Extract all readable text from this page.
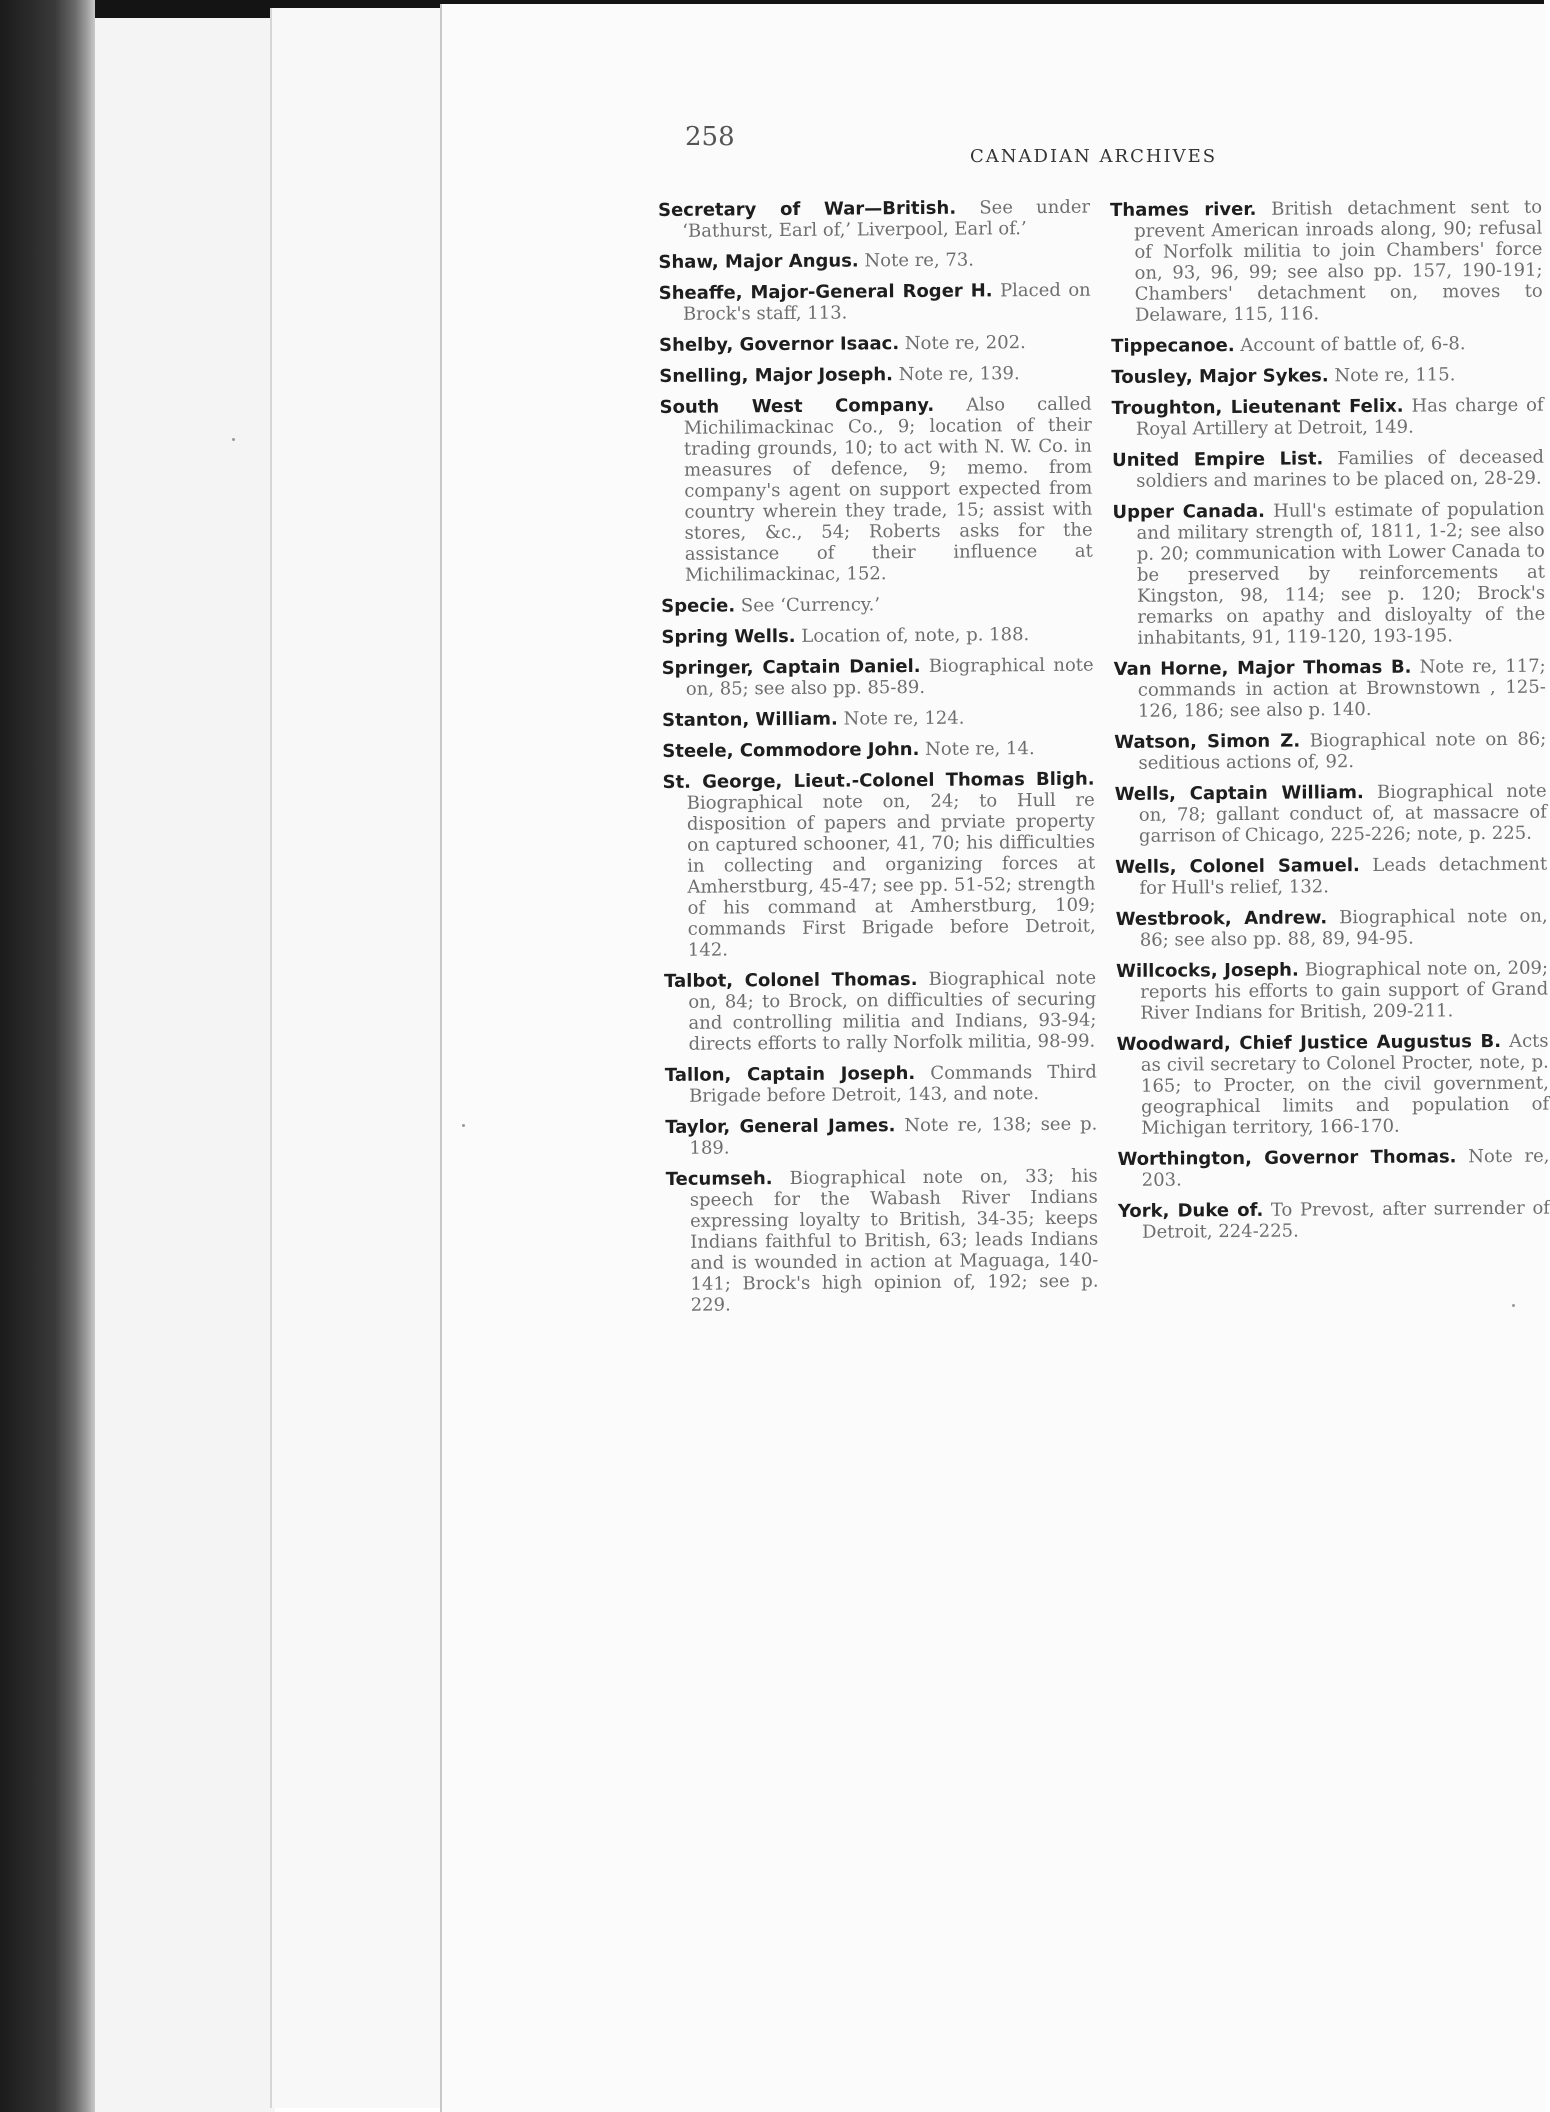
258
CANADIAN ARCHIVES

Secretary of War—British. See under ‘Bathurst, Earl of,’ Liverpool, Earl of.’

Shaw, Major Angus. Note re, 73.

Sheaffe, Major-General Roger H. Placed on Brock's staff, 113.

Shelby, Governor Isaac. Note re, 202.

Snelling, Major Joseph. Note re, 139.

South West Company. Also called Michilimackinac Co., 9; location of their trading grounds, 10; to act with N. W. Co. in measures of defence, 9; memo. from company's agent on support expected from country wherein they trade, 15; assist with stores, &c., 54; Roberts asks for the assistance of their influence at Michilimackinac, 152.

Specie. See ‘Currency.’

Spring Wells. Location of, note, p. 188.

Springer, Captain Daniel. Biographical note on, 85; see also pp. 85-89.

Stanton, William. Note re, 124.

Steele, Commodore John. Note re, 14.

St. George, Lieut.-Colonel Thomas Bligh. Biographical note on, 24; to Hull re disposition of papers and prviate property on captured schooner, 41, 70; his difficulties in collecting and organizing forces at Amherstburg, 45-47; see pp. 51-52; strength of his command at Amherstburg, 109; commands First Brigade before Detroit, 142.

Talbot, Colonel Thomas. Biographical note on, 84; to Brock, on difficulties of securing and controlling militia and Indians, 93-94; directs efforts to rally Norfolk militia, 98-99.

Tallon, Captain Joseph. Commands Third Brigade before Detroit, 143, and note.

Taylor, General James. Note re, 138; see p. 189.

Tecumseh. Biographical note on, 33; his speech for the Wabash River Indians expressing loyalty to British, 34-35; keeps Indians faithful to British, 63; leads Indians and is wounded in action at Maguaga, 140-141; Brock's high opinion of, 192; see p. 229.

Thames river. British detachment sent to prevent American inroads along, 90; refusal of Norfolk militia to join Chambers' force on, 93, 96, 99; see also pp. 157, 190-191; Chambers' detachment on, moves to Delaware, 115, 116.

Tippecanoe. Account of battle of, 6-8.

Tousley, Major Sykes. Note re, 115.

Troughton, Lieutenant Felix. Has charge of Royal Artillery at Detroit, 149.

United Empire List. Families of deceased soldiers and marines to be placed on, 28-29.

Upper Canada. Hull's estimate of population and military strength of, 1811, 1-2; see also p. 20; communication with Lower Canada to be preserved by reinforcements at Kingston, 98, 114; see p. 120; Brock's remarks on apathy and disloyalty of the inhabitants, 91, 119-120, 193-195.

Van Horne, Major Thomas B. Note re, 117; commands in action at Brownstown , 125-126, 186; see also p. 140.

Watson, Simon Z. Biographical note on 86; seditious actions of, 92.

Wells, Captain William. Biographical note on, 78; gallant conduct of, at massacre of garrison of Chicago, 225-226; note, p. 225.

Wells, Colonel Samuel. Leads detachment for Hull's relief, 132.

Westbrook, Andrew. Biographical note on, 86; see also pp. 88, 89, 94-95.

Willcocks, Joseph. Biographical note on, 209; reports his efforts to gain support of Grand River Indians for British, 209-211.

Woodward, Chief Justice Augustus B. Acts as civil secretary to Colonel Procter, note, p. 165; to Procter, on the civil government, geographical limits and population of Michigan territory, 166-170.

Worthington, Governor Thomas. Note re, 203.

York, Duke of. To Prevost, after surrender of Detroit, 224-225.
